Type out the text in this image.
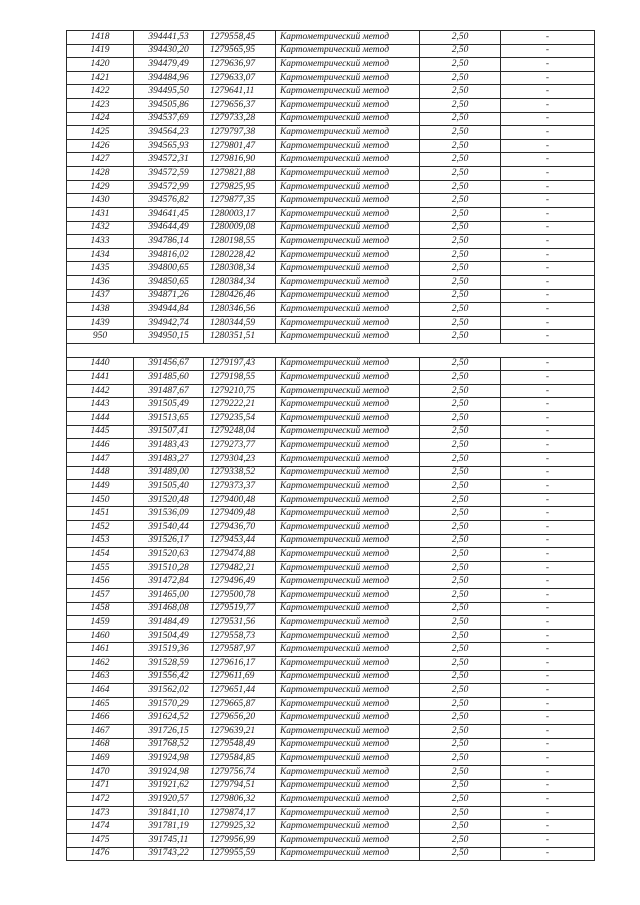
1418	394441,53	1279558,45	Картометрический метод	2,50	-
1419	394430,20	1279565,95	Картометрический метод	2,50	-
1420	394479,49	1279636,97	Картометрический метод	2,50	-
1421	394484,96	1279633,07	Картометрический метод	2,50	-
1422	394495,50	1279641,11	Картометрический метод	2,50	-
1423	394505,86	1279656,37	Картометрический метод	2,50	-
1424	394537,69	1279733,28	Картометрический метод	2,50	-
1425	394564,23	1279797,38	Картометрический метод	2,50	-
1426	394565,93	1279801,47	Картометрический метод	2,50	-
1427	394572,31	1279816,90	Картометрический метод	2,50	-
1428	394572,59	1279821,88	Картометрический метод	2,50	-
1429	394572,99	1279825,95	Картометрический метод	2,50	-
1430	394576,82	1279877,35	Картометрический метод	2,50	-
1431	394641,45	1280003,17	Картометрический метод	2,50	-
1432	394644,49	1280009,08	Картометрический метод	2,50	-
1433	394786,14	1280198,55	Картометрический метод	2,50	-
1434	394816,02	1280228,42	Картометрический метод	2,50	-
1435	394800,65	1280308,34	Картометрический метод	2,50	-
1436	394850,65	1280384,34	Картометрический метод	2,50	-
1437	394871,26	1280426,46	Картометрический метод	2,50	-
1438	394944,84	1280346,56	Картометрический метод	2,50	-
1439	394942,74	1280344,59	Картометрический метод	2,50	-
950	394950,15	1280351,51	Картометрический метод	2,50	-

1440	391456,67	1279197,43	Картометрический метод	2,50	-
1441	391485,60	1279198,55	Картометрический метод	2,50	-
1442	391487,67	1279210,75	Картометрический метод	2,50	-
1443	391505,49	1279222,21	Картометрический метод	2,50	-
1444	391513,65	1279235,54	Картометрический метод	2,50	-
1445	391507,41	1279248,04	Картометрический метод	2,50	-
1446	391483,43	1279273,77	Картометрический метод	2,50	-
1447	391483,27	1279304,23	Картометрический метод	2,50	-
1448	391489,00	1279338,52	Картометрический метод	2,50	-
1449	391505,40	1279373,37	Картометрический метод	2,50	-
1450	391520,48	1279400,48	Картометрический метод	2,50	-
1451	391536,09	1279409,48	Картометрический метод	2,50	-
1452	391540,44	1279436,70	Картометрический метод	2,50	-
1453	391526,17	1279453,44	Картометрический метод	2,50	-
1454	391520,63	1279474,88	Картометрический метод	2,50	-
1455	391510,28	1279482,21	Картометрический метод	2,50	-
1456	391472,84	1279496,49	Картометрический метод	2,50	-
1457	391465,00	1279500,78	Картометрический метод	2,50	-
1458	391468,08	1279519,77	Картометрический метод	2,50	-
1459	391484,49	1279531,56	Картометрический метод	2,50	-
1460	391504,49	1279558,73	Картометрический метод	2,50	-
1461	391519,36	1279587,97	Картометрический метод	2,50	-
1462	391528,59	1279616,17	Картометрический метод	2,50	-
1463	391556,42	1279611,69	Картометрический метод	2,50	-
1464	391562,02	1279651,44	Картометрический метод	2,50	-
1465	391570,29	1279665,87	Картометрический метод	2,50	-
1466	391624,52	1279656,20	Картометрический метод	2,50	-
1467	391726,15	1279639,21	Картометрический метод	2,50	-
1468	391768,52	1279548,49	Картометрический метод	2,50	-
1469	391924,98	1279584,85	Картометрический метод	2,50	-
1470	391924,98	1279756,74	Картометрический метод	2,50	-
1471	391921,62	1279794,51	Картометрический метод	2,50	-
1472	391920,57	1279806,32	Картометрический метод	2,50	-
1473	391841,10	1279874,17	Картометрический метод	2,50	-
1474	391781,19	1279925,32	Картометрический метод	2,50	-
1475	391745,11	1279956,99	Картометрический метод	2,50	-
1476	391743,22	1279955,59	Картометрический метод	2,50	-
